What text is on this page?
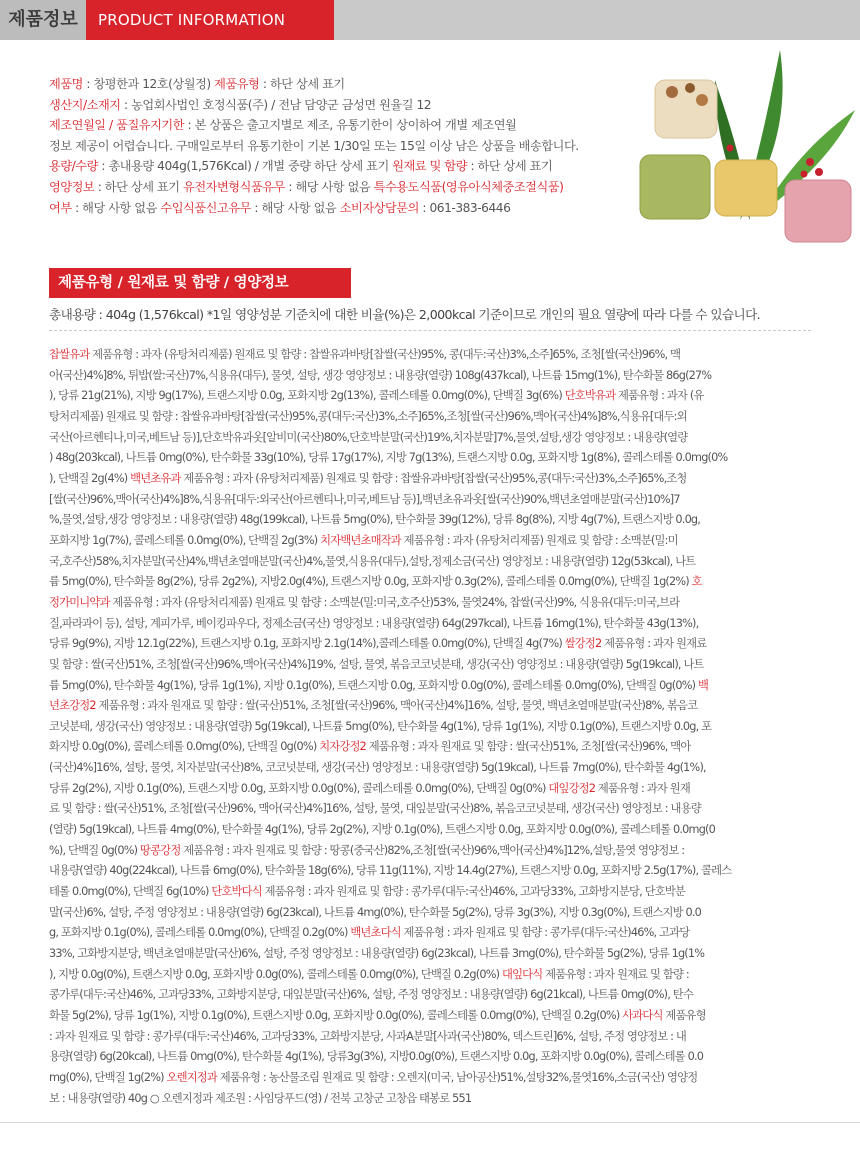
제품정보	PRODUCT INFORMATION
제품명 : 창평한과 12호(상월정) 제품유형 : 하단 상세 표기
생산지/소재지 : 농업회사법인 호정식품(주) / 전남 담양군 금성면 원율길 12
제조연월일 / 품질유지기한 : 본 상품은 출고지별로 제조, 유통기한이 상이하여 개별 제조연월
정보 제공이 어렵습니다. 구매일로부터 유통기한이 기본 1/30일 또는 15일 이상 남은 상품을 배송합니다.
용량/수량 : 총내용량 404g(1,576Kcal) / 개별 중량 하단 상세 표기 원재료 및 함량 : 하단 상세 표기
영양정보 : 하단 상세 표기 유전자변형식품유무 : 해당 사항 없음 특수용도식품(영유아식체중조절식품)
여부 : 해당 사항 없음 수입식품신고유무 : 해당 사항 없음 소비자상담문의 : 061-383-6446
제품유형 / 원재료 및 함량 / 영양정보
총내용량 : 404g (1,576kcal) *1일 영양성분 기준치에 대한 비율(%)은 2,000kcal 기준이므로 개인의 필요 열량에 따라 다를 수 있습니다.
찹쌀유과 제품유형 : 과자 (유탕처리제품) 원재료 및 함량 : 찹쌀유과바탕[찹쌀(국산)95%, 콩(대두:국산)3%,소주]65%, 조청[쌀(국산)96%, 맥
아(국산)4%]8%, 튀밥(쌀:국산)7%,식용유(대두), 물엿, 설탕, 생강 영양정보 : 내용량(열량) 108g(437kcal), 나트륨 15mg(1%), 탄수화물 86g(27%
), 당류 21g(21%), 지방 9g(17%), 트랜스지방 0.0g, 포화지방 2g(13%), 콜레스테롤 0.0mg(0%), 단백질 3g(6%) 단호박유과 제품유형 : 과자 (유
탕처리제품) 원재료 및 함량 : 찹쌀유과바탕[찹쌀(국산)95%,콩(대두:국산)3%,소주]65%,조청[쌀(국산)96%,맥아(국산)4%]8%,식용유[대두:외
국산(아르헨티나,미국,베트남 등)],단호박유과옷[알비미(국산)80%,단호박분말(국산)19%,치자분말]7%,물엿,설탕,생강 영양정보 : 내용량(열량
) 48g(203kcal), 나트륨 0mg(0%), 탄수화물 33g(10%), 당류 17g(17%), 지방 7g(13%), 트랜스지방 0.0g, 포화지방 1g(8%), 콜레스테롤 0.0mg(0%
), 단백질 2g(4%) 백년초유과 제품유형 : 과자 (유탕처리제품) 원재료 및 함량 : 찹쌀유과바탕[찹쌀(국산)95%,콩(대두:국산)3%,소주]65%,조청
[쌀(국산)96%,맥아(국산)4%]8%,식용유[대두:외국산(아르헨티나,미국,베트남 등)],백년초유과옷[쌀(국산)90%,백년초열매분말(국산)10%]7
%,물엿,설탕,생강 영양정보 : 내용량(열량) 48g(199kcal), 나트륨 5mg(0%), 탄수화물 39g(12%), 당류 8g(8%), 지방 4g(7%), 트랜스지방 0.0g,
포화지방 1g(7%), 콜레스테롤 0.0mg(0%), 단백질 2g(3%) 치자백년초매작과 제품유형 : 과자 (유탕처리제품) 원재료 및 함량 : 소맥분(밀:미
국,호주산)58%,치자분말(국산)4%,백년초열매분말(국산)4%,물엿,식용유(대두),설탕,정제소금(국산) 영양정보 : 내용량(열량) 12g(53kcal), 나트
륨 5mg(0%), 탄수화물 8g(2%), 당류 2g2%), 지방2.0g(4%), 트랜스지방 0.0g, 포화지방 0.3g(2%), 콜레스테롤 0.0mg(0%), 단백질 1g(2%) 호
정가미니약과 제품유형 : 과자 (유탕처리제품) 원재료 및 함량 : 소맥분(밀:미국,호주산)53%, 물엿24%, 찹쌀(국산)9%, 식용유(대두:미국,브라
질,파라과이 등), 설탕, 계피가루, 베이킹파우다, 정제소금(국산) 영양정보 : 내용량(열량) 64g(297kcal), 나트륨 16mg(1%), 탄수화물 43g(13%),
당류 9g(9%), 지방 12.1g(22%), 트랜스지방 0.1g, 포화지방 2.1g(14%),콜레스테롤 0.0mg(0%), 단백질 4g(7%) 쌀강정2 제품유형 : 과자 원재료
및 함량 : 쌀(국산)51%, 조청[쌀(국산)96%,맥아(국산)4%]19%, 설탕, 물엿, 볶음코코넛분태, 생강(국산) 영양정보 : 내용량(열량) 5g(19kcal), 나트
륨 5mg(0%), 탄수화물 4g(1%), 당류 1g(1%), 지방 0.1g(0%), 트랜스지방 0.0g, 포화지방 0.0g(0%), 콜레스테롤 0.0mg(0%), 단백질 0g(0%) 백
년초강정2 제품유형 : 과자 원재료 및 함량 : 쌀(국산)51%, 조청[쌀(국산)96%, 맥아(국산)4%]16%, 설탕, 물엿, 백년초열매분말(국산)8%, 볶음코
코넛분태, 생강(국산) 영양정보 : 내용량(열량) 5g(19kcal), 나트륨 5mg(0%), 탄수화물 4g(1%), 당류 1g(1%), 지방 0.1g(0%), 트랜스지방 0.0g, 포
화지방 0.0g(0%), 콜레스테롤 0.0mg(0%), 단백질 0g(0%) 치자강정2 제품유형 : 과자 원재료 및 함량 : 쌀(국산)51%, 조청[쌀(국산)96%, 맥아
(국산)4%]16%, 설탕, 물엿, 치자분말(국산)8%, 코코넛분태, 생강(국산) 영양정보 : 내용량(열량) 5g(19kcal), 나트륨 7mg(0%), 탄수화물 4g(1%),
당류 2g(2%), 지방 0.1g(0%), 트랜스지방 0.0g, 포화지방 0.0g(0%), 콜레스테롤 0.0mg(0%), 단백질 0g(0%) 대잎강정2 제품유형 : 과자 원재
료 및 함량 : 쌀(국산)51%, 조청[쌀(국산)96%, 맥아(국산)4%]16%, 설탕, 물엿, 대잎분말(국산)8%, 볶음코코넛분태, 생강(국산) 영양정보 : 내용량
(열량) 5g(19kcal), 나트륨 4mg(0%), 탄수화물 4g(1%), 당류 2g(2%), 지방 0.1g(0%), 트랜스지방 0.0g, 포화지방 0.0g(0%), 콜레스테롤 0.0mg(0
%), 단백질 0g(0%) 땅콩강정 제품유형 : 과자 원재료 및 함량 : 땅콩(중국산)82%,조청[쌀(국산)96%,맥아(국산)4%]12%,설탕,물엿 영양정보 :
내용량(열량) 40g(224kcal), 나트륨 6mg(0%), 탄수화물 18g(6%), 당류 11g(11%), 지방 14.4g(27%), 트랜스지방 0.0g, 포화지방 2.5g(17%), 콜레스
테롤 0.0mg(0%), 단백질 6g(10%) 단호박다식 제품유형 : 과자 원재료 및 함량 : 콩가루(대두:국산)46%, 고과당33%, 고화방지분당, 단호박분
말(국산)6%, 설탕, 주정 영양정보 : 내용량(열량) 6g(23kcal), 나트륨 4mg(0%), 탄수화물 5g(2%), 당류 3g(3%), 지방 0.3g(0%), 트랜스지방 0.0
g, 포화지방 0.1g(0%), 콜레스테롤 0.0mg(0%), 단백질 0.2g(0%) 백년초다식 제품유형 : 과자 원재료 및 함량 : 콩가루(대두:국산)46%, 고과당
33%, 고화방지분당, 백년초열매분말(국산)6%, 설탕, 주정 영양정보 : 내용량(열량) 6g(23kcal), 나트륨 3mg(0%), 탄수화물 5g(2%), 당류 1g(1%
), 지방 0.0g(0%), 트랜스지방 0.0g, 포화지방 0.0g(0%), 콜레스테롤 0.0mg(0%), 단백질 0.2g(0%) 대잎다식 제품유형 : 과자 원재료 및 함량 :
콩가루(대두:국산)46%, 고과당33%, 고화방지분당, 대잎분말(국산)6%, 설탕, 주정 영양정보 : 내용량(열량) 6g(21kcal), 나트륨 0mg(0%), 탄수
화물 5g(2%), 당류 1g(1%), 지방 0.1g(0%), 트랜스지방 0.0g, 포화지방 0.0g(0%), 콜레스테롤 0.0mg(0%), 단백질 0.2g(0%) 사과다식 제품유형
: 과자 원재료 및 함량 : 콩가루(대두:국산)46%, 고과당33%, 고화방지분당, 사과A분말[사과(국산)80%, 덱스트린]6%, 설탕, 주정 영양정보 : 내
용량(열량) 6g(20kcal), 나트륨 0mg(0%), 탄수화물 4g(1%), 당류3g(3%), 지방0.0g(0%), 트랜스지방 0.0g, 포화지방 0.0g(0%), 콜레스테롤 0.0
mg(0%), 단백질 1g(2%) 오렌지정과 제품유형 : 농산물조림 원재료 및 함량 : 오렌지(미국, 남아공산)51%,설탕32%,물엿16%,소금(국산) 영양정
보 : 내용량(열량) 40g ○ 오렌지정과 제조원 : 사임당푸드(영) / 전북 고창군 고창읍 태봉로 551
